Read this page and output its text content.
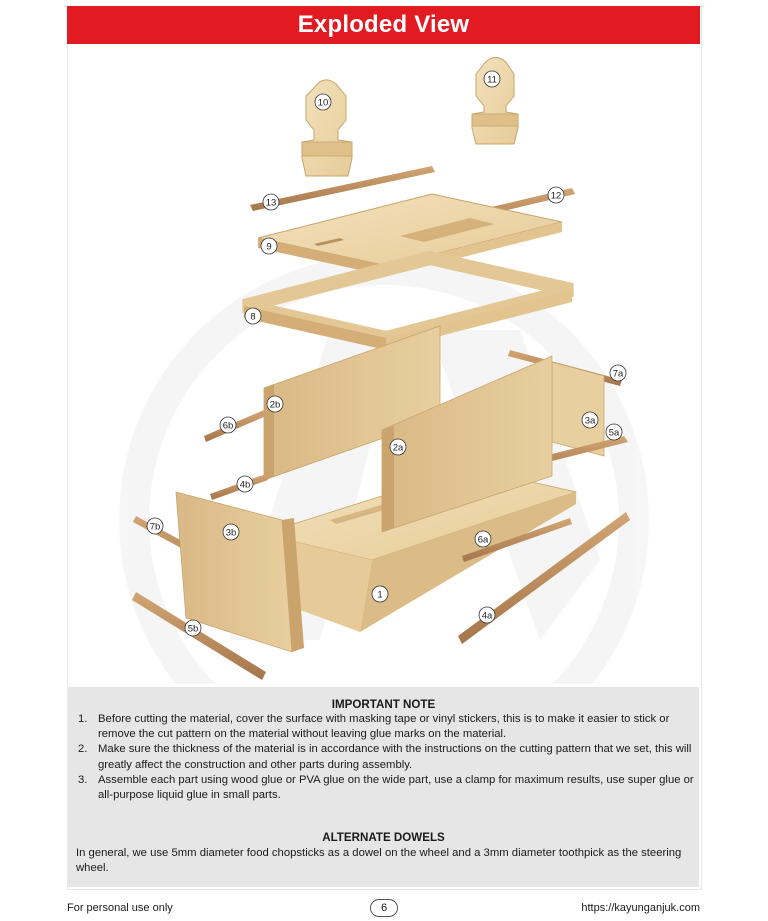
Exploded View
10
11
13
12
9
8
7a
2b
6b	3a
5a
2a
4b
7b
3b
6a
1
4a
5b
IMPORTANT NOTE
1. Before cutting the material, cover the surface with masking tape or vinyl stickers, this is to make it easier to stick or remove the cut pattern on the material without leaving glue marks on the material.
2. Make sure the thickness of the material is in accordance with the instructions on the cutting pattern that we set, this will greatly affect the construction and other parts during assembly.
3. Assemble each part using wood glue or PVA glue on the wide part, use a clamp for maximum results, use super glue or all-purpose liquid glue in small parts.
ALTERNATE DOWELS
In general, we use 5mm diameter food chopsticks as a dowel on the wheel and a 3mm diameter toothpick as the steering wheel.
For personal use only	6	https://kayunganjuk.com
